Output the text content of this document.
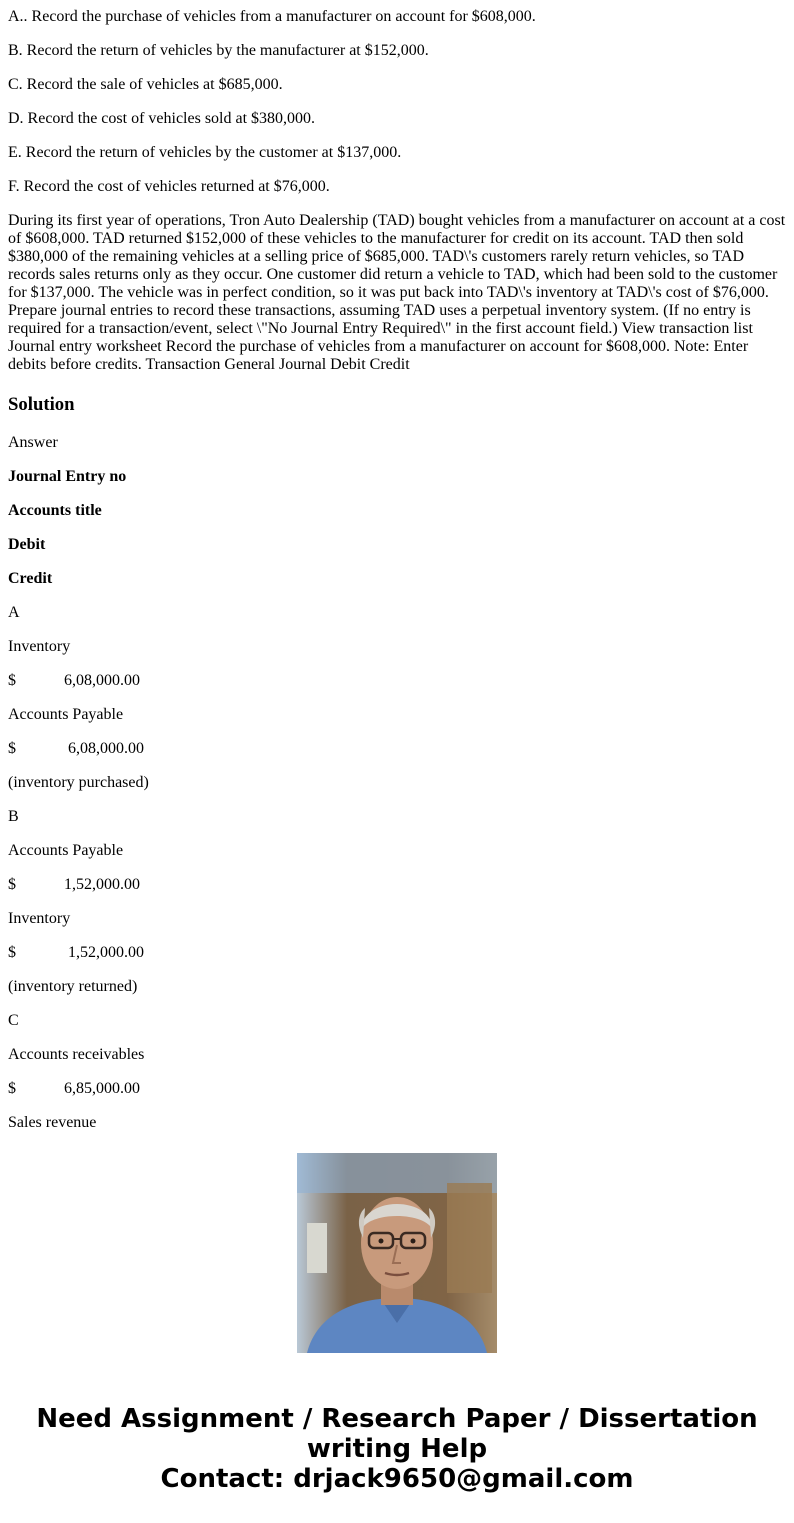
A.. Record the purchase of vehicles from a manufacturer on account for $608,000.

B. Record the return of vehicles by the manufacturer at $152,000.

C. Record the sale of vehicles at $685,000.

D. Record the cost of vehicles sold at $380,000.

E. Record the return of vehicles by the customer at $137,000.

F. Record the cost of vehicles returned at $76,000.

During its first year of operations, Tron Auto Dealership (TAD) bought vehicles from a manufacturer on account at a cost of $608,000. TAD returned $152,000 of these vehicles to the manufacturer for credit on its account. TAD then sold $380,000 of the remaining vehicles at a selling price of $685,000. TAD\'s customers rarely return vehicles, so TAD records sales returns only as they occur. One customer did return a vehicle to TAD, which had been sold to the customer for $137,000. The vehicle was in perfect condition, so it was put back into TAD\'s inventory at TAD\'s cost of $76,000. Prepare journal entries to record these transactions, assuming TAD uses a perpetual inventory system. (If no entry is required for a transaction/event, select \"No Journal Entry Required\" in the first account field.) View transaction list Journal entry worksheet Record the purchase of vehicles from a manufacturer on account for $608,000. Note: Enter debits before credits. Transaction General Journal Debit Credit

Solution

Answer

Journal Entry no

Accounts title

Debit

Credit

A

Inventory

$            6,08,000.00

Accounts Payable

$             6,08,000.00

(inventory purchased)

B

Accounts Payable

$            1,52,000.00

Inventory

$             1,52,000.00

(inventory returned)

C

Accounts receivables

$            6,85,000.00

Sales revenue

Need Assignment / Research Paper / Dissertation
writing Help
Contact: drjack9650@gmail.com
